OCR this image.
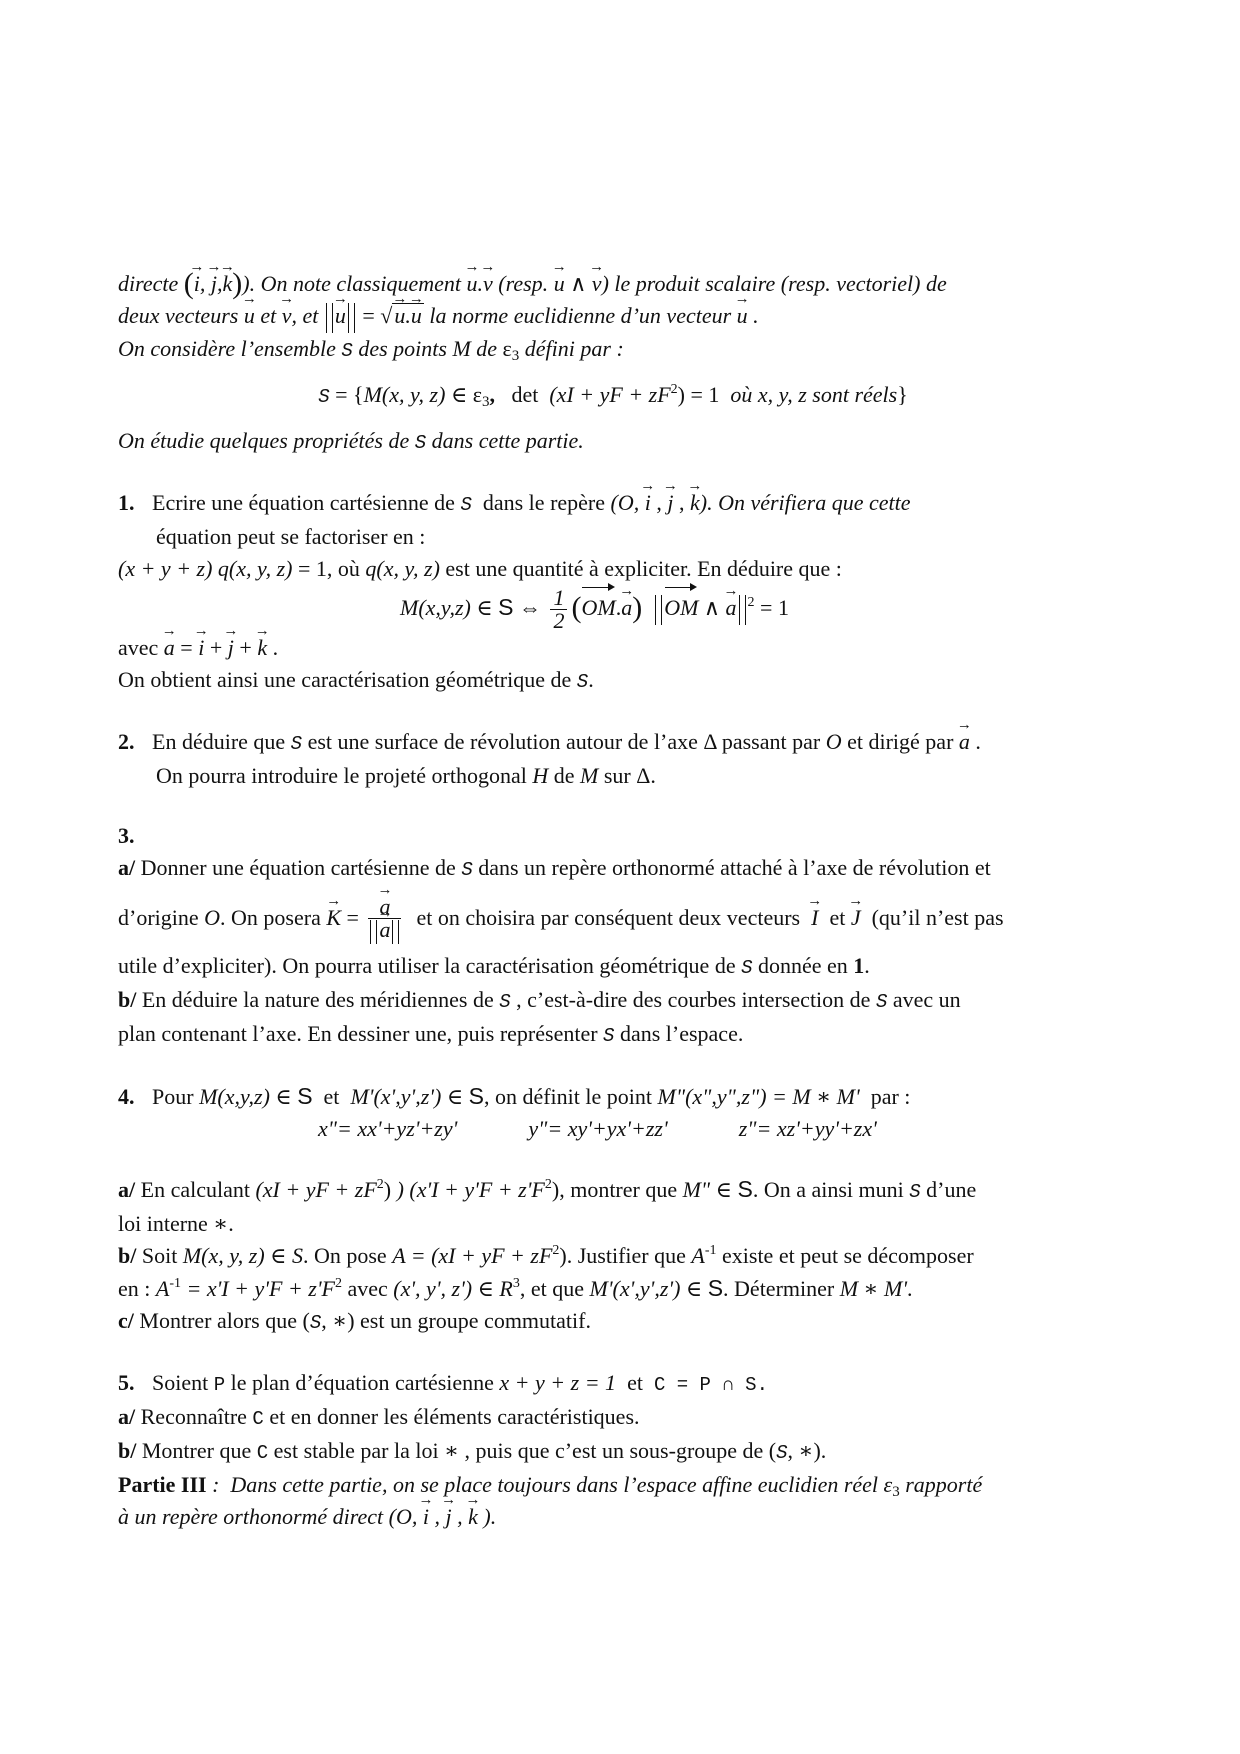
directe (→ i, → j,→ k)). On note classiquement → u.→ v (resp. → u ∧ → v) le produit scalaire (resp. vectoriel) de

deux vecteurs → u et → v, et → u = √→ u.→ u la norme euclidienne d’un vecteur → u .

On considère l’ensemble S des points M de $\varepsilon_3$ défini par :

S = {M(x, y, z) ∈ $\varepsilon_3$, det (xI + yF + $zF^2) = 1$ où x, y, z sont réels}

On étudie quelques propriétés de S dans cette partie.

1. Ecrire une équation cartésienne de S dans le repère (O, → i , → j , → k). On vérifiera que cette

équation peut se factoriser en :

(x + y + z) q(x, y, z) = 1, où q(x, y, z) est une quantité à expliciter. En déduire que :

M(x,y,z) ∈ S ⇔ $\frac{1}{2} (OM.\to a)$ OM ∧ → a $^2$ = 1

avec → a = → i + → j + → k .

On obtient ainsi une caractérisation géométrique de S.

2. En déduire que S est une surface de révolution autour de l’axe Δ passant par O et dirigé par → a .

On pourra introduire le projeté orthogonal H de M sur Δ.

3.

a/ Donner une équation cartésienne de S dans un repère orthonormé attaché à l’axe de révolution et

d’origine O. On posera → K = → a
→ a et on choisira par conséquent deux vecteurs → I et → J (qu’il n’est pas

utile d’expliciter). On pourra utiliser la caractérisation géométrique de S donnée en 1.

b/ En déduire la nature des méridiennes de S , c’est-à-dire des courbes intersection de S avec un

plan contenant l’axe. En dessiner une, puis représenter S dans l’espace.

4. Pour M(x,y,z) ∈ S et M'(x',y',z') ∈ S, on définit le point M"(x",y",z") = M ∗ M' par :

x"= xx'+yz'+zy'	y"= xy'+yx'+zz'	z"= xz'+yy'+zx'

a/ En calculant (xI + yF + $zF^2$) ) $(x'I + y'F + z'F^2)$, montrer que M" ∈ S. On a ainsi muni S d’une

loi interne ∗.

b/ Soit M(x, y, z) ∈ S. On pose A = (xI + yF + $zF^2$). Justifier que $A^{-1}$ existe et peut se décomposer

en : $A^{-1} = x'I + y'F + z'F^2$ avec (x', y', z') ∈ $R^3$, et que M'(x',y',z') ∈ S. Déterminer M ∗ M'.

c/ Montrer alors que (S, ∗) est un groupe commutatif.

5. Soient P le plan d’équation cartésienne x + y + z = 1 et C = P ∩ S.

a/ Reconnaître C et en donner les éléments caractéristiques.

b/ Montrer que C est stable par la loi ∗ , puis que c’est un sous-groupe de (S, ∗).

Partie III : Dans cette partie, on se place toujours dans l’espace affine euclidien réel $\varepsilon_3$ rapporté

à un repère orthonormé direct (O, → i , → j , → k ).
